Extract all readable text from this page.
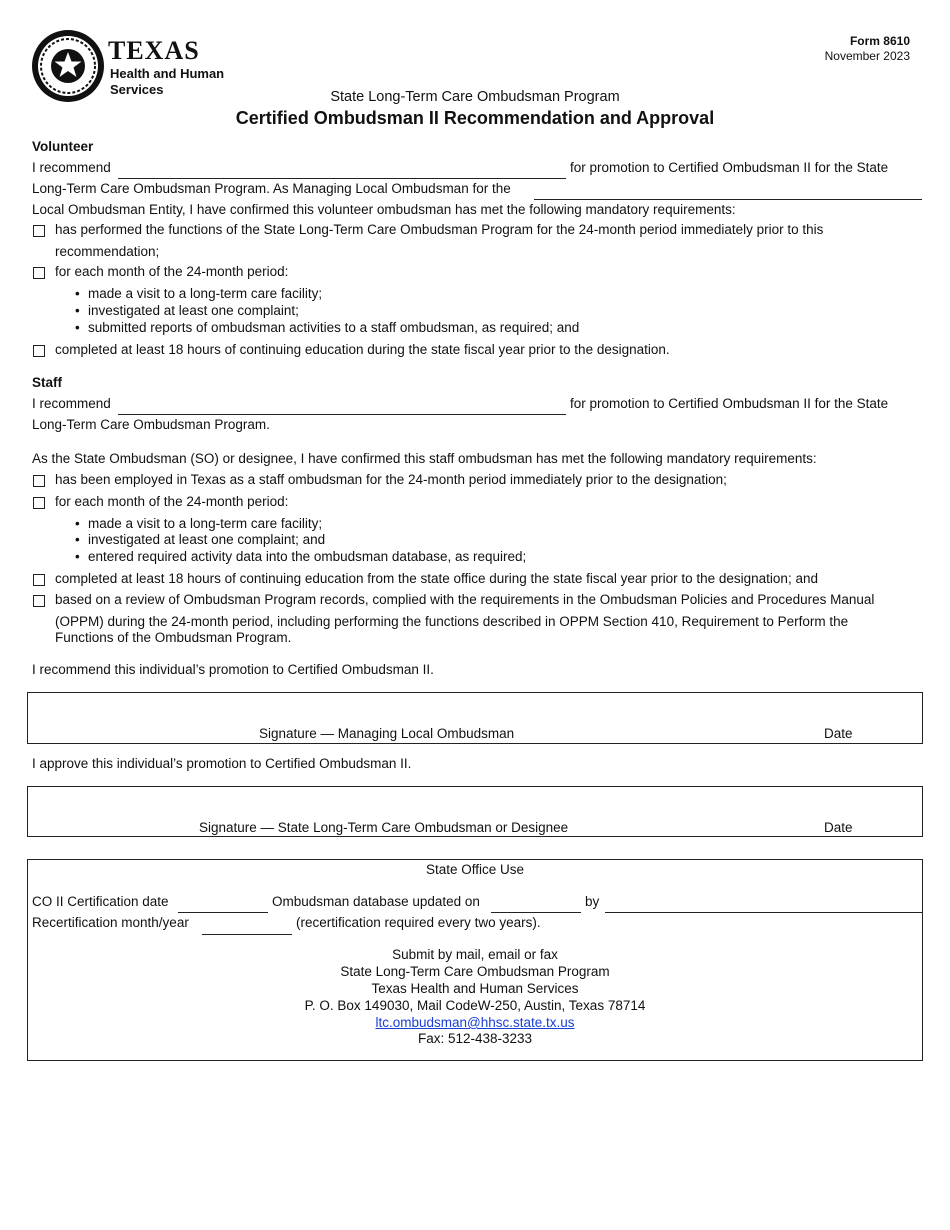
TEXAS
Health and Human
Services
Form 8610
November 2023
State Long-Term Care Ombudsman Program
Certified Ombudsman II Recommendation and Approval
Volunteer
I recommend	for promotion to Certified Ombudsman II for the State
Long-Term Care Ombudsman Program. As Managing Local Ombudsman for the
Local Ombudsman Entity, I have confirmed this volunteer ombudsman has met the following mandatory requirements:
has performed the functions of the State Long-Term Care Ombudsman Program for the 24-month period immediately prior to this
recommendation;
for each month of the 24-month period:
• made a visit to a long-term care facility;
• investigated at least one complaint;
• submitted reports of ombudsman activities to a staff ombudsman, as required; and
completed at least 18 hours of continuing education during the state fiscal year prior to the designation.
Staff
I recommend	for promotion to Certified Ombudsman II for the State
Long-Term Care Ombudsman Program.
As the State Ombudsman (SO) or designee, I have confirmed this staff ombudsman has met the following mandatory requirements:
has been employed in Texas as a staff ombudsman for the 24-month period immediately prior to the designation;
for each month of the 24-month period:
• made a visit to a long-term care facility;
• investigated at least one complaint; and
• entered required activity data into the ombudsman database, as required;
completed at least 18 hours of continuing education from the state office during the state fiscal year prior to the designation; and
based on a review of Ombudsman Program records, complied with the requirements in the Ombudsman Policies and Procedures Manual
(OPPM) during the 24-month period, including performing the functions described in OPPM Section 410, Requirement to Perform the
Functions of the Ombudsman Program.
I recommend this individual’s promotion to Certified Ombudsman II.
Signature — Managing Local Ombudsman	Date
I approve this individual’s promotion to Certified Ombudsman II.
Signature — State Long-Term Care Ombudsman or Designee	Date
State Office Use
CO II Certification date	Ombudsman database updated on	by
Recertification month/year	(recertification required every two years).
Submit by mail, email or fax
State Long-Term Care Ombudsman Program
Texas Health and Human Services
P. O. Box 149030, Mail CodeW-250, Austin, Texas 78714
ltc.ombudsman@hhsc.state.tx.us
Fax: 512-438-3233
